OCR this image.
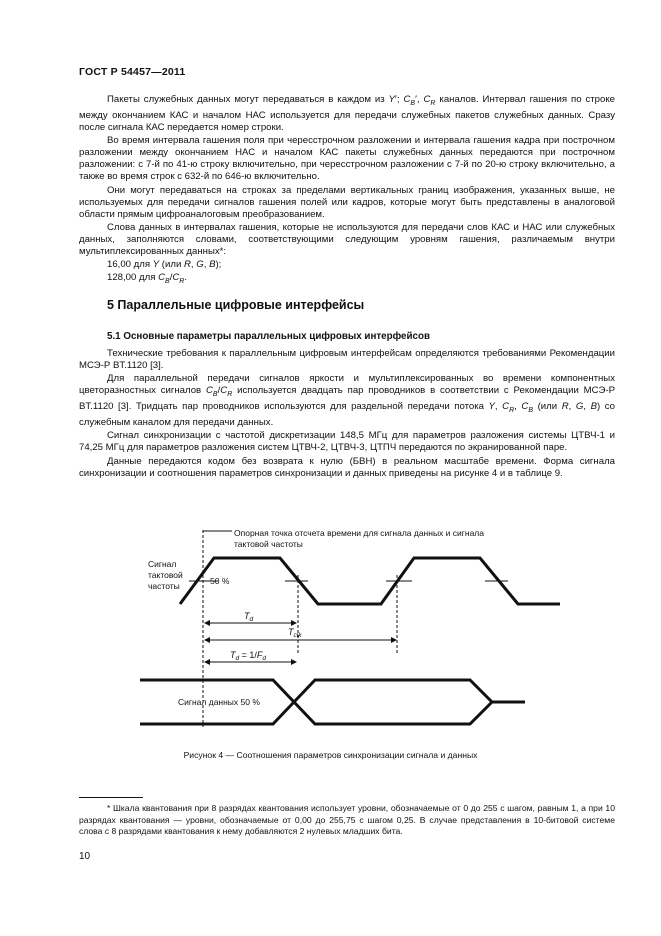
ГОСТ Р 54457—2011

Пакеты служебных данных могут передаваться в каждом из Y′; $C_B'$, $C_R$ каналов. Интервал гашения по строке между окончанием КАС и началом НАС используется для передачи служебных пакетов служебных данных. Сразу после сигнала КАС передается номер строки.

Во время интервала гашения поля при чересстрочном разложении и интервала гашения кадра при построчном разложении между окончанием НАС и началом КАС пакеты служебных данных передаются при построчном разложении: с 7-й по 41-ю строку включительно, при чересстрочном разложении с 7-й по 20-ю строку включительно, а также во время строк с 632-й по 646-ю включительно.

Они могут передаваться на строках за пределами вертикальных границ изображения, указанных выше, не используемых для передачи сигналов гашения полей или кадров, которые могут быть представлены в аналоговой области прямым цифроаналоговым преобразованием.

Слова данных в интервалах гашения, которые не используются для передачи слов КАС и НАС или служебных данных, заполняются словами, соответствующими следующим уровням гашения, различаемым внутри мультиплексированных данных*:

16,00 для Y (или R, G, B);

128,00 для $C_B/C_R$.

5 Параллельные цифровые интерфейсы
5.1 Основные параметры параллельных цифровых интерфейсов

Технические требования к параллельным цифровым интерфейсам определяются требованиями Рекомендации МСЭ-Р BT.1120 [3].

Для параллельной передачи сигналов яркости и мультиплексированных во времени компонентных цветоразностных сигналов $C_B/C_R$ используется двадцать пар проводников в соответствии с Рекомендации МСЭ-Р BT.1120 [3]. Тридцать пар проводников используются для раздельной передачи потока Y, $C_R$, $C_B$ (или R, G, B) со служебным каналом для передачи данных.

Сигнал синхронизации с частотой дискретизации 148,5 МГц для параметров разложения системы ЦТВЧ-1 и 74,25 МГц для параметров разложения систем ЦТВЧ-2, ЦТВЧ-3, ЦТПЧ передаются по экранированной паре.

Данные передаются кодом без возврата к нулю (БВН) в реальном масштабе времени. Форма сигнала синхронизации и соотношения параметров синхронизации и данных приведены на рисунке 4 и в таблице 9.

Опорная точка отсчета времени для сигнала данных и сигнала
тактовой частоты
Сигнал
тактовой
частоты	50 %
$T_d$
$T_{clk}$
$T_d = 1/F_d$
Сигнал данных 50 %
Рисунок 4 — Соотношения параметров синхронизации сигнала и данных

* Шкала квантования при 8 разрядах квантования использует уровни, обозначаемые от 0 до 255 с шагом, равным 1, а при 10 разрядах квантования — уровни, обозначаемые от 0,00 до 255,75 с шагом 0,25. В случае представления в 10-битовой системе слова с 8 разрядами квантования к нему добавляются 2 нулевых младших бита.

10
